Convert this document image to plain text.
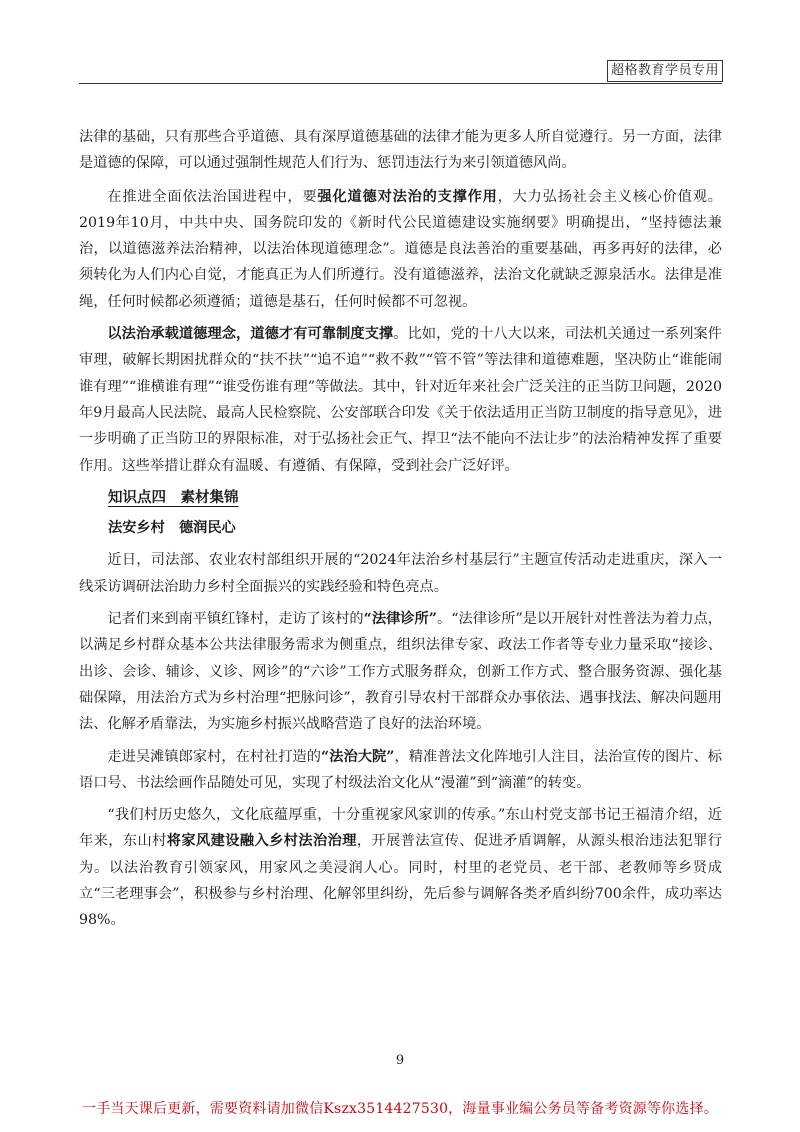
超格教育学员专用

法律的基础，只有那些合乎道德、具有深厚道德基础的法律才能为更多人所自觉遵行。另一方面，法律是道德的保障，可以通过强制性规范人们行为、惩罚违法行为来引领道德风尚。

在推进全面依法治国进程中，要强化道德对法治的支撑作用，大力弘扬社会主义核心价值观。2019年10月，中共中央、国务院印发的《新时代公民道德建设实施纲要》明确提出，“坚持德法兼治，以道德滋养法治精神，以法治体现道德理念”。道德是良法善治的重要基础，再多再好的法律，必须转化为人们内心自觉，才能真正为人们所遵行。没有道德滋养，法治文化就缺乏源泉活水。法律是准绳，任何时候都必须遵循；道德是基石，任何时候都不可忽视。

以法治承载道德理念，道德才有可靠制度支撑。比如，党的十八大以来，司法机关通过一系列案件审理，破解长期困扰群众的“扶不扶”“追不追”“救不救”“管不管”等法律和道德难题，坚决防止“谁能闹谁有理”“谁横谁有理”“谁受伤谁有理”等做法。其中，针对近年来社会广泛关注的正当防卫问题，2020年9月最高人民法院、最高人民检察院、公安部联合印发《关于依法适用正当防卫制度的指导意见》，进一步明确了正当防卫的界限标准，对于弘扬社会正气、捍卫“法不能向不法让步”的法治精神发挥了重要作用。这些举措让群众有温暖、有遵循、有保障，受到社会广泛好评。

知识点四　素材集锦
法安乡村　德润民心

近日，司法部、农业农村部组织开展的“2024年法治乡村基层行”主题宣传活动走进重庆，深入一线采访调研法治助力乡村全面振兴的实践经验和特色亮点。

记者们来到南平镇红锋村，走访了该村的“法律诊所”。“法律诊所”是以开展针对性普法为着力点，以满足乡村群众基本公共法律服务需求为侧重点，组织法律专家、政法工作者等专业力量采取“接诊、出诊、会诊、辅诊、义诊、网诊”的“六诊”工作方式服务群众，创新工作方式、整合服务资源、强化基础保障，用法治方式为乡村治理“把脉问诊”，教育引导农村干部群众办事依法、遇事找法、解决问题用法、化解矛盾靠法，为实施乡村振兴战略营造了良好的法治环境。

走进吴滩镇郎家村，在村社打造的“法治大院”，精准普法文化阵地引人注目，法治宣传的图片、标语口号、书法绘画作品随处可见，实现了村级法治文化从“漫灌”到“滴灌”的转变。

“我们村历史悠久，文化底蕴厚重，十分重视家风家训的传承。”东山村党支部书记王福清介绍，近年来，东山村将家风建设融入乡村法治治理，开展普法宣传、促进矛盾调解，从源头根治违法犯罪行为。以法治教育引领家风，用家风之美浸润人心。同时，村里的老党员、老干部、老教师等乡贤成立“三老理事会”，积极参与乡村治理、化解邻里纠纷，先后参与调解各类矛盾纠纷700余件，成功率达98%。

9
一手当天课后更新，需要资料请加微信Kszx3514427530，海量事业编公务员等备考资源等你选择。
